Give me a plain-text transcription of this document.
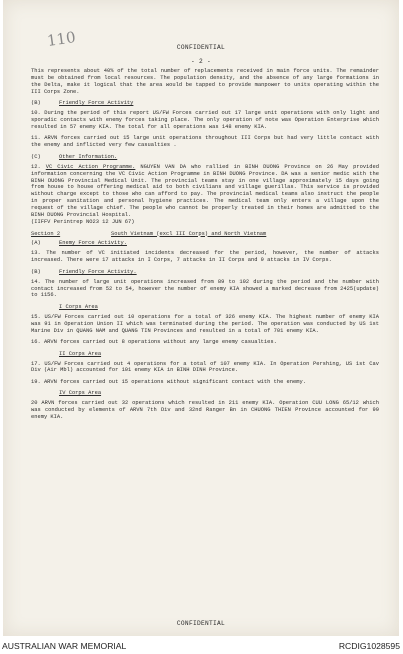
110	CONFIDENTIAL
- 2 -

This represents about 40% of the total number of replacements received in main force units. The remainder must be obtained from local resources. The population density, and the absence of any large formations in the Delta, make it logical that the area would be tapped to provide manpower to units operating within the III Corps Zone.

(B)	Friendly Force Activity

10. During the period of this report US/FW Forces carried out 17 large unit operations with only light and sporadic contacts with enemy forces taking place. The only operation of note was Operation Enterprise which resulted in 57 enemy KIA. The total for all operations was 148 enemy KIA.

11. ARVN forces carried out 15 large unit operations throughout III Corps but had very little contact with the enemy and inflicted very few casualties .

(C)	Other Information.

12. VC Civic Action Programme. NGUYEN VAN DA who rallied in BINH DUONG Province on 26 May provided information concerning the VC Civic Action Programme in BINH DUONG Province. DA was a senior medic with the BINH DUONG Provincial Medical Unit. The provincial teams stay in one village approximately 15 days going from house to house offering medical aid to both civilians and village guerillas. This service is provided without charge except to those who can afford to pay. The provincial medical teams also instruct the people in proper sanitation and personal hygiene practices. The medical team only enters a village upon the request of the village chief. The people who cannot be properly treated in their homes are admitted to the BINH DUONG Provincial Hospital.

(IIFFV Perintrep NO23 12 JUN 67)

Section 2	South Vietnam (excl III Corps) and North Vietnam
(A)	Enemy Force Activity.

13. The number of VC initiated incidents decreased for the period, however, the number of attacks increased. There were 17 attacks in I Corps, 7 attacks in II Corps and 9 attacks in IV Corps.

(B)	Friendly Force Activity.

14. The number of large unit operations increased from 89 to 102 during the period and the number with contact increased from 52 to 54, however the number of enemy KIA showed a marked decrease from 2425(update) to 1156.

I Corps Area

15. US/FW Forces carried out 10 operations for a total of 326 enemy KIA. The highest number of enemy KIA was 91 in Operation Union II which was terminated during the period. The operation was conducted by US 1st Marine Div in QUANG NAM and QUANG TIN Provinces and resulted in a total of 701 enemy KIA.

16. ARVN forces carried out 8 operations without any large enemy casualties.

II Corps Area

17. US/FW Forces carried out 4 operations for a total of 107 enemy KIA. In Operation Pershing, US 1st Cav Div (Air Mbl) accounted for 101 enemy KIA in BINH DINH Province.

19. ARVN forces carried out 15 operations without significant contact with the enemy.

IV Corps Area

20 ARVN forces carried out 32 operations which resulted in 211 enemy KIA. Operation CUU LONG 65/12 which was conducted by elements of ARVN 7th Div and 32nd Ranger Bn in CHUONG THIEN Province accounted for 99 enemy KIA.

CONFIDENTIAL
AUSTRALIAN WAR MEMORIAL	RCDIG1028595
